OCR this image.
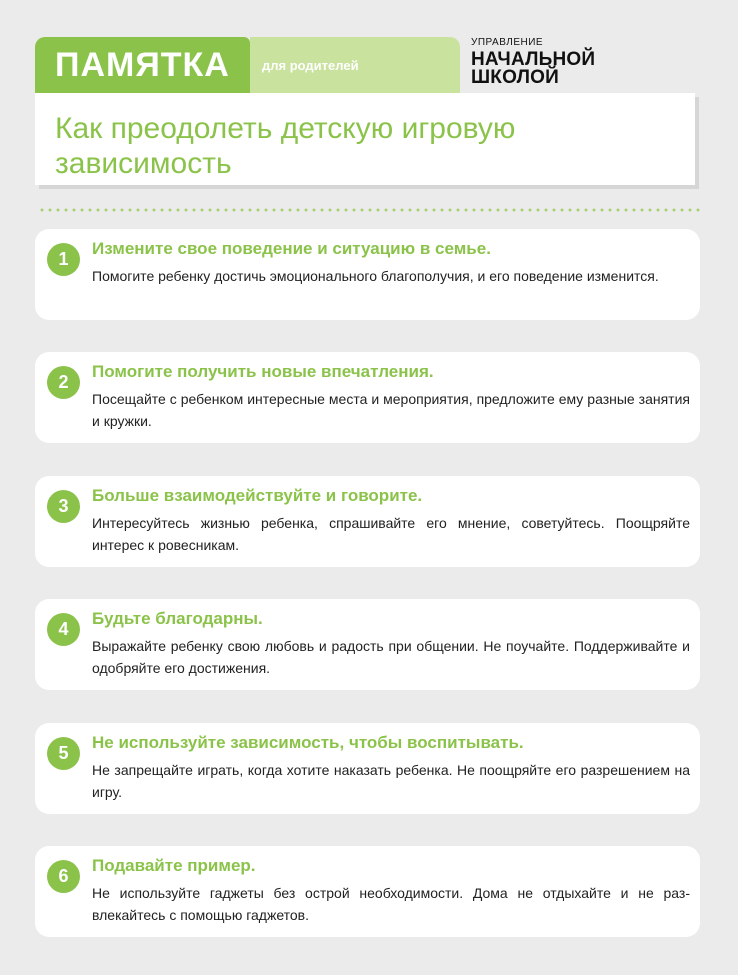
ПАМЯТКА для родителей
УПРАВЛЕНИЕ
НАЧАЛЬНОЙ
ШКОЛОЙ
Как преодолеть детскую игровую зависимость
1
Измените свое поведение и ситуацию в семье.

Помогите ребенку достичь эмоционального благополучия, и его поведение изменится.

2
Помогите получить новые впечатления.

Посещайте с ребенком интересные места и мероприятия, предложите ему разные занятия и кружки.

3
Больше взаимодействуйте и говорите.

Интересуйтесь жизнью ребенка, спрашивайте его мнение, советуйтесь. Поощряйте интерес к ровесникам.

4
Будьте благодарны.

Выражайте ребенку свою любовь и радость при общении. Не поучайте. Поддерживайте и одобряйте его достижения.

5
Не используйте зависимость, чтобы воспитывать.

Не запрещайте играть, когда хотите наказать ребенка. Не поощряйте его разрешением на игру.

6
Подавайте пример.

Не используйте гаджеты без острой необходимости. Дома не отдыхайте и не развлекайтесь с помощью гаджетов.
